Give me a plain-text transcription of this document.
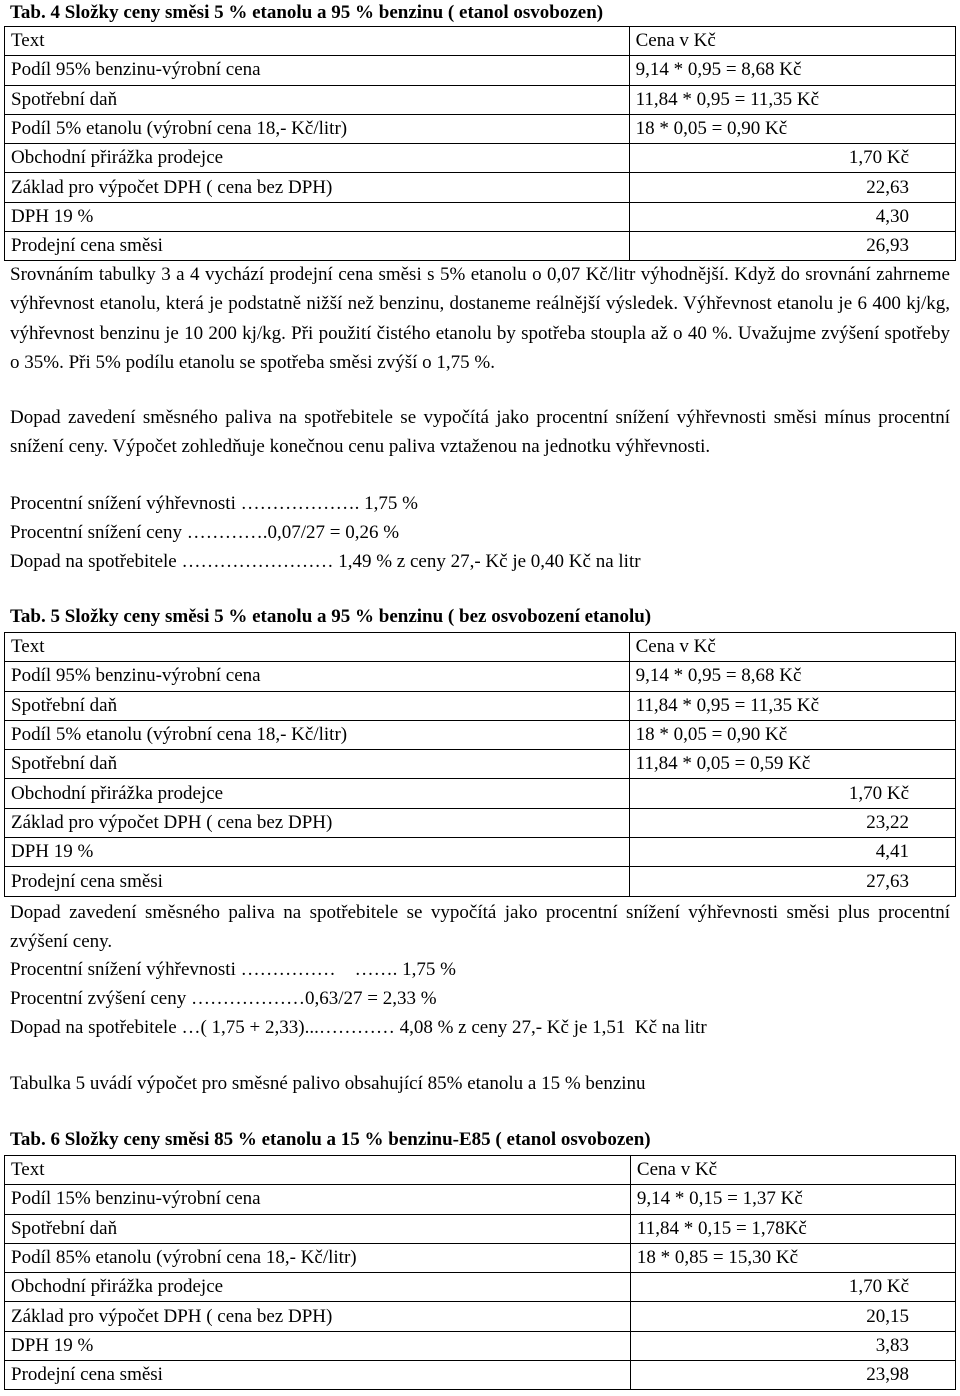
Tab. 4 Složky ceny směsi 5 % etanolu a 95 % benzinu ( etanol osvobozen)
Text	Cena v Kč
Podíl 95% benzinu-výrobní cena	9,14 * 0,95 = 8,68 Kč
Spotřební daň	11,84 * 0,95 = 11,35 Kč
Podíl 5% etanolu (výrobní cena 18,- Kč/litr)	18 * 0,05 = 0,90 Kč
Obchodní přirážka prodejce	1,70 Kč
Základ pro výpočet DPH ( cena bez DPH)	22,63
DPH 19 %	4,30
Prodejní cena směsi	26,93

Srovnáním tabulky 3 a 4 vychází prodejní cena směsi s 5% etanolu o 0,07 Kč/litr výhodnější. Když do srovnání zahrneme výhřevnost etanolu, která je podstatně nižší než benzinu, dostaneme reálnější výsledek. Výhřevnost etanolu je 6 400 kj/kg, výhřevnost benzinu je 10 200 kj/kg. Při použití čistého etanolu by spotřeba stoupla až o 40 %. Uvažujme zvýšení spotřeby o 35%. Při 5% podílu etanolu se spotřeba směsi zvýší o 1,75 %.

Dopad zavedení směsného paliva na spotřebitele se vypočítá jako procentní snížení výhřevnosti směsi mínus procentní snížení ceny. Výpočet zohledňuje konečnou cenu paliva vztaženou na jednotku výhřevnosti.

Procentní snížení výhřevnosti ………………. 1,75 %
Procentní snížení ceny ………….0,07/27 = 0,26 %
Dopad na spotřebitele …………………… 1,49 % z ceny 27,- Kč je 0,40 Kč na litr
Tab. 5 Složky ceny směsi 5 % etanolu a 95 % benzinu ( bez osvobození etanolu)
Text	Cena v Kč
Podíl 95% benzinu-výrobní cena	9,14 * 0,95 = 8,68 Kč
Spotřební daň	11,84 * 0,95 = 11,35 Kč
Podíl 5% etanolu (výrobní cena 18,- Kč/litr)	18 * 0,05 = 0,90 Kč
Spotřební daň	11,84 * 0,05 = 0,59 Kč
Obchodní přirážka prodejce	1,70 Kč
Základ pro výpočet DPH ( cena bez DPH)	23,22
DPH 19 %	4,41
Prodejní cena směsi	27,63

Dopad zavedení směsného paliva na spotřebitele se vypočítá jako procentní snížení výhřevnosti směsi plus procentní zvýšení ceny.

Procentní snížení výhřevnosti ……………    ……. 1,75 %
Procentní zvýšení ceny ………………0,63/27 = 2,33 %
Dopad na spotřebitele …( 1,75 + 2,33)...………… 4,08 % z ceny 27,- Kč je 1,51  Kč na litr
Tabulka 5 uvádí výpočet pro směsné palivo obsahující 85% etanolu a 15 % benzinu
Tab. 6 Složky ceny směsi 85 % etanolu a 15 % benzinu-E85 ( etanol osvobozen)
Text	Cena v Kč
Podíl 15% benzinu-výrobní cena	9,14 * 0,15 = 1,37 Kč
Spotřební daň	11,84 * 0,15 = 1,78Kč
Podíl 85% etanolu (výrobní cena 18,- Kč/litr)	18 * 0,85 = 15,30 Kč
Obchodní přirážka prodejce	1,70 Kč
Základ pro výpočet DPH ( cena bez DPH)	20,15
DPH 19 %	3,83
Prodejní cena směsi	23,98
